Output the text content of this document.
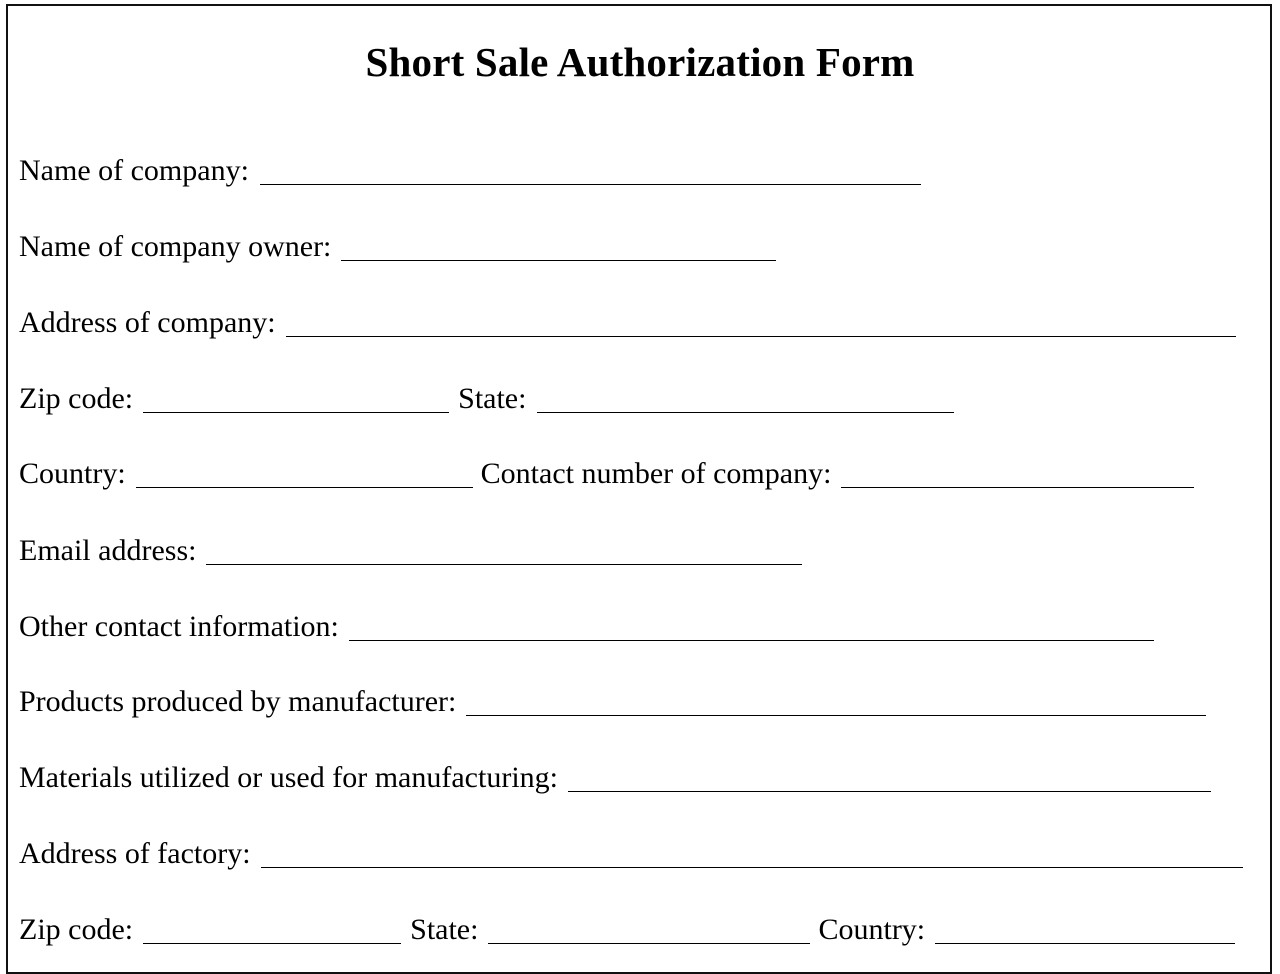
Short Sale Authorization Form
Name of company:
Name of company owner:
Address of company:
Zip code:	State:
Country:	Contact number of company:
Email address:
Other contact information:
Products produced by manufacturer:
Materials utilized or used for manufacturing:
Address of factory:
Zip code:	State:	Country:
